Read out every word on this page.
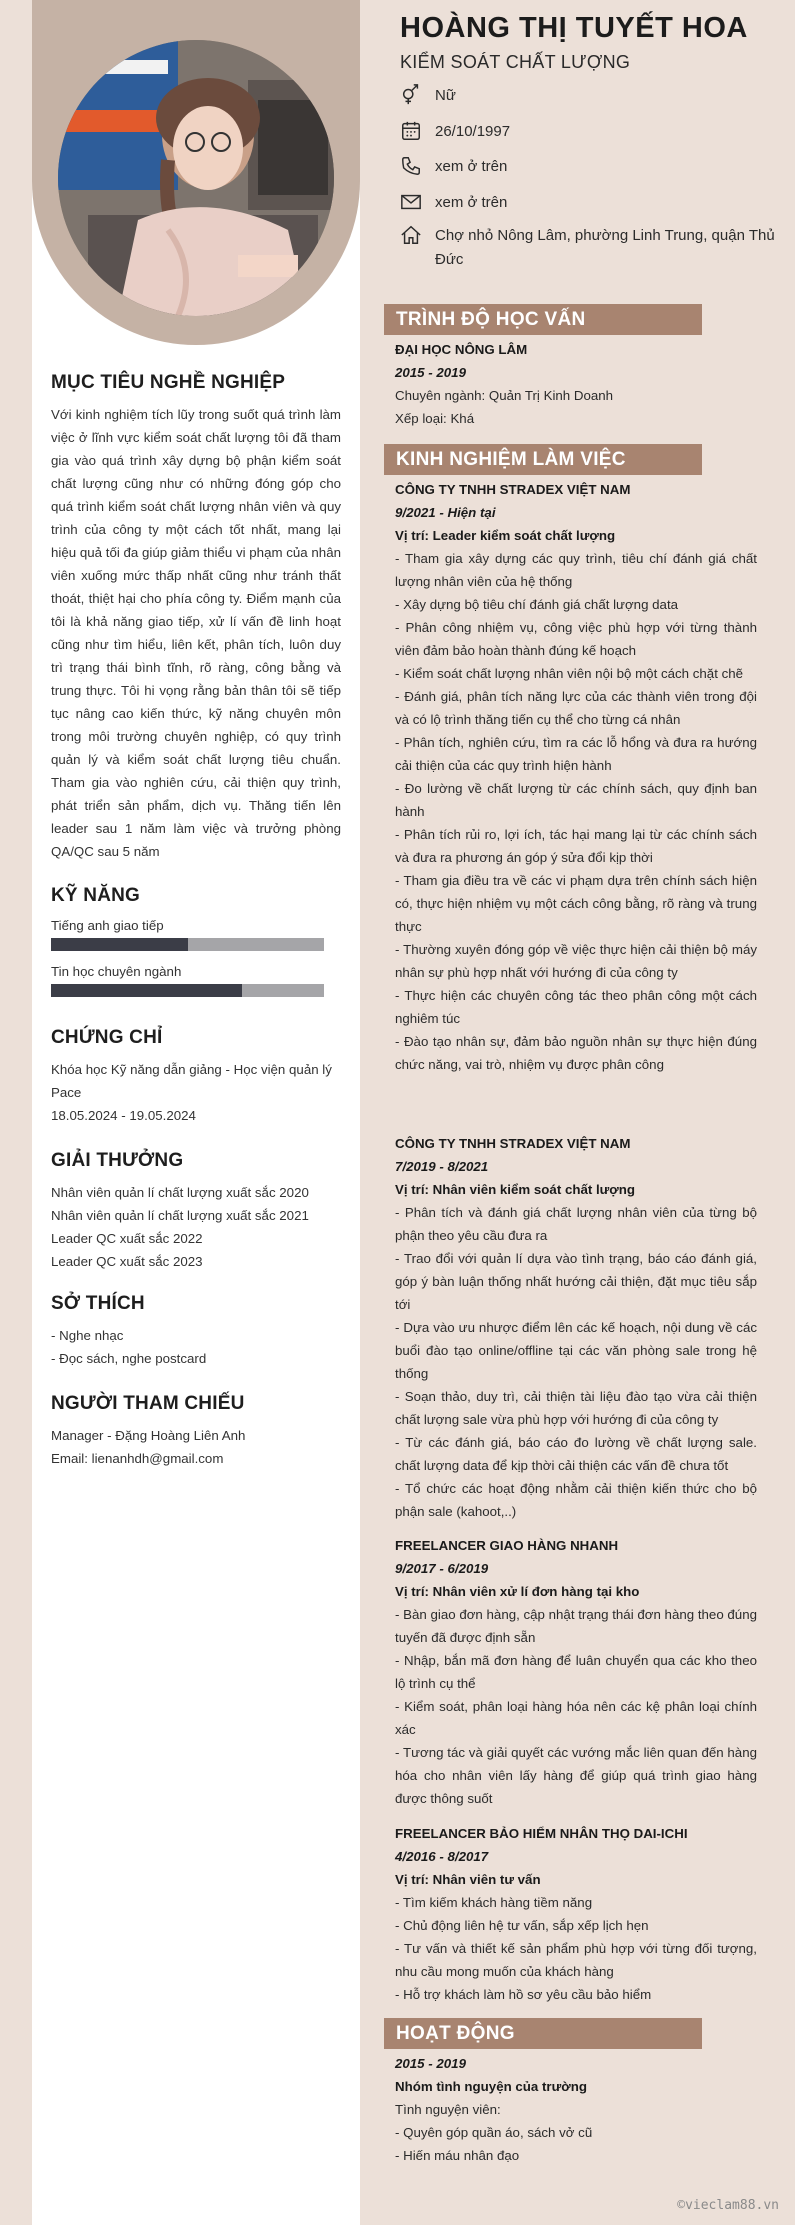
MỤC TIÊU NGHỀ NGHIỆP

Với kinh nghiệm tích lũy trong suốt quá trình làm việc ở lĩnh vực kiểm soát chất lượng tôi đã tham gia vào quá trình xây dựng bộ phận kiểm soát chất lượng cũng như có những đóng góp cho quá trình kiểm soát chất lượng nhân viên và quy trình của công ty một cách tốt nhất, mang lại hiệu quả tối đa giúp giảm thiểu vi phạm của nhân viên xuống mức thấp nhất cũng như tránh thất thoát, thiệt hại cho phía công ty. Điểm mạnh của tôi là khả năng giao tiếp, xử lí vấn đề linh hoạt cũng như tìm hiểu, liên kết, phân tích, luôn duy trì trạng thái bình tĩnh, rõ ràng, công bằng và trung thực. Tôi hi vọng rằng bản thân tôi sẽ tiếp tục nâng cao kiến thức, kỹ năng chuyên môn trong môi trường chuyên nghiệp, có quy trình quản lý và kiểm soát chất lượng tiêu chuẩn. Tham gia vào nghiên cứu, cải thiện quy trình, phát triển sản phẩm, dịch vụ. Thăng tiến lên leader sau 1 năm làm việc và trưởng phòng QA/QC sau 5 năm

KỸ NĂNG
Tiếng anh giao tiếp
Tin học chuyên ngành
CHỨNG CHỈ
Khóa học Kỹ năng dẫn giảng - Học viện quản lý Pace
18.05.2024 - 19.05.2024
GIẢI THƯỞNG
Nhân viên quản lí chất lượng xuất sắc 2020
Nhân viên quản lí chất lượng xuất sắc 2021
Leader QC xuất sắc 2022
Leader QC xuất sắc 2023
SỞ THÍCH
- Nghe nhạc
- Đọc sách, nghe postcard
NGƯỜI THAM CHIẾU
Manager - Đặng Hoàng Liên Anh
Email: lienanhdh@gmail.com
HOÀNG THỊ TUYẾT HOA
KIỂM SOÁT CHẤT LƯỢNG
Nữ
26/10/1997
xem ở trên
xem ở trên
Chợ nhỏ Nông Lâm, phường Linh Trung, quận Thủ Đức
TRÌNH ĐỘ HỌC VẤN
ĐẠI HỌC NÔNG LÂM
2015 - 2019
Chuyên ngành: Quản Trị Kinh Doanh
Xếp loại: Khá
KINH NGHIỆM LÀM VIỆC
CÔNG TY TNHH STRADEX VIỆT NAM
9/2021 - Hiện tại
Vị trí: Leader kiểm soát chất lượng
- Tham gia xây dựng các quy trình, tiêu chí đánh giá chất lượng nhân viên của hệ thống
- Xây dựng bộ tiêu chí đánh giá chất lượng data
- Phân công nhiệm vụ, công việc phù hợp với từng thành viên đảm bảo hoàn thành đúng kế hoạch
- Kiểm soát chất lượng nhân viên nội bộ một cách chặt chẽ
- Đánh giá, phân tích năng lực của các thành viên trong đội và có lộ trình thăng tiến cụ thể cho từng cá nhân
- Phân tích, nghiên cứu, tìm ra các lỗ hổng và đưa ra hướng cải thiện của các quy trình hiện hành
- Đo lường về chất lượng từ các chính sách, quy định ban hành
- Phân tích rủi ro, lợi ích, tác hại mang lại từ các chính sách và đưa ra phương án góp ý sửa đổi kịp thời
- Tham gia điều tra về các vi phạm dựa trên chính sách hiện có, thực hiện nhiệm vụ một cách công bằng, rõ ràng và trung thực
- Thường xuyên đóng góp về việc thực hiện cải thiện bộ máy nhân sự phù hợp nhất với hướng đi của công ty
- Thực hiện các chuyên công tác theo phân công một cách nghiêm túc
- Đào tạo nhân sự, đảm bảo nguồn nhân sự thực hiện đúng chức năng, vai trò, nhiệm vụ được phân công
CÔNG TY TNHH STRADEX VIỆT NAM
7/2019 - 8/2021
Vị trí: Nhân viên kiểm soát chất lượng
- Phân tích và đánh giá chất lượng nhân viên của từng bộ phận theo yêu cầu đưa ra
- Trao đổi với quản lí dựa vào tình trạng, báo cáo đánh giá, góp ý bàn luận thống nhất hướng cải thiện, đặt mục tiêu sắp tới
- Dựa vào ưu nhược điểm lên các kế hoạch, nội dung về các buổi đào tạo online/offline tại các văn phòng sale trong hệ thống
- Soạn thảo, duy trì, cải thiện tài liệu đào tạo vừa cải thiện chất lượng sale vừa phù hợp với hướng đi của công ty
- Từ các đánh giá, báo cáo đo lường về chất lượng sale. chất lượng data để kịp thời cải thiện các vấn đề chưa tốt
- Tổ chức các hoạt động nhằm cải thiện kiến thức cho bộ phận sale (kahoot,..)
FREELANCER GIAO HÀNG NHANH
9/2017 - 6/2019
Vị trí: Nhân viên xử lí đơn hàng tại kho
- Bàn giao đơn hàng, cập nhật trạng thái đơn hàng theo đúng tuyến đã được định sẵn
- Nhập, bắn mã đơn hàng để luân chuyển qua các kho theo lộ trình cụ thể
- Kiểm soát, phân loại hàng hóa nên các kệ phân loại chính xác
- Tương tác và giải quyết các vướng mắc liên quan đến hàng hóa cho nhân viên lấy hàng để giúp quá trình giao hàng được thông suốt
FREELANCER BẢO HIỂM NHÂN THỌ DAI-ICHI
4/2016 - 8/2017
Vị trí: Nhân viên tư vấn
- Tìm kiếm khách hàng tiềm năng
- Chủ động liên hệ tư vấn, sắp xếp lịch hẹn
- Tư vấn và thiết kế sản phẩm phù hợp với từng đối tượng, nhu cầu mong muốn của khách hàng
- Hỗ trợ khách làm hồ sơ yêu cầu bảo hiểm
HOẠT ĐỘNG
2015 - 2019
Nhóm tình nguyện của trường
Tình nguyện viên:
- Quyên góp quần áo, sách vở cũ
- Hiến máu nhân đạo
©vieclam88.vn
